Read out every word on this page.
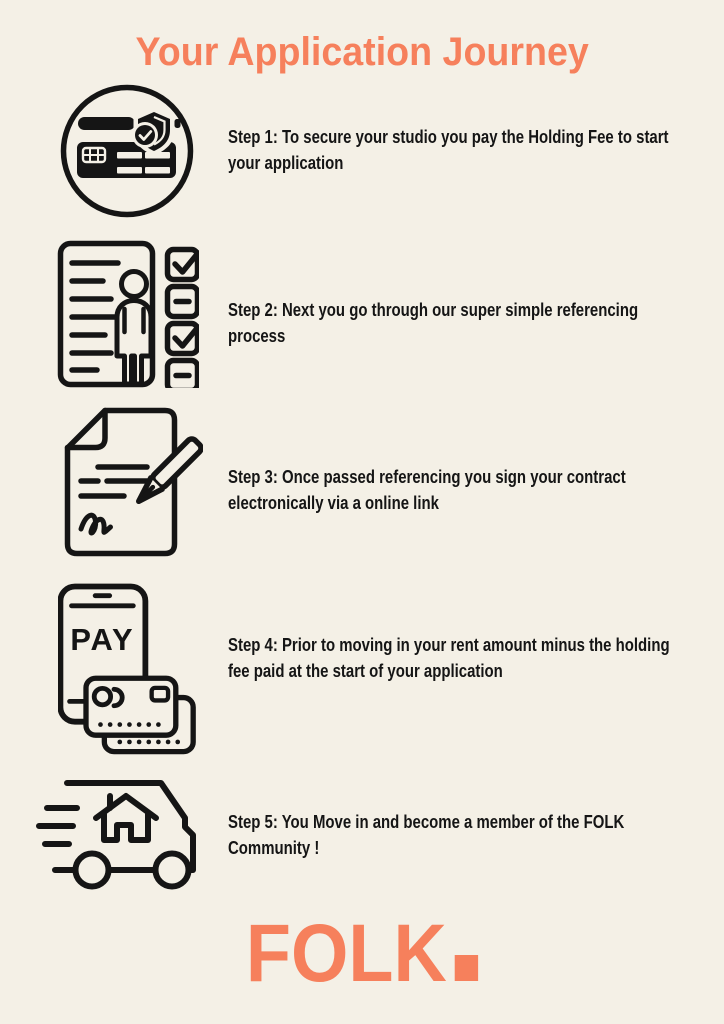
Your Application Journey
Step 1: To secure your studio you pay the Holding Fee to start
your application
Step 2: Next you go through our super simple referencing
process
Step 3: Once passed referencing you sign your contract
electronically via a online link
PAY	Step 4: Prior to moving in your rent amount minus the holding
fee paid at the start of your application
Step 5: You Move in and become a member of the FOLK
Community !
FOLK
